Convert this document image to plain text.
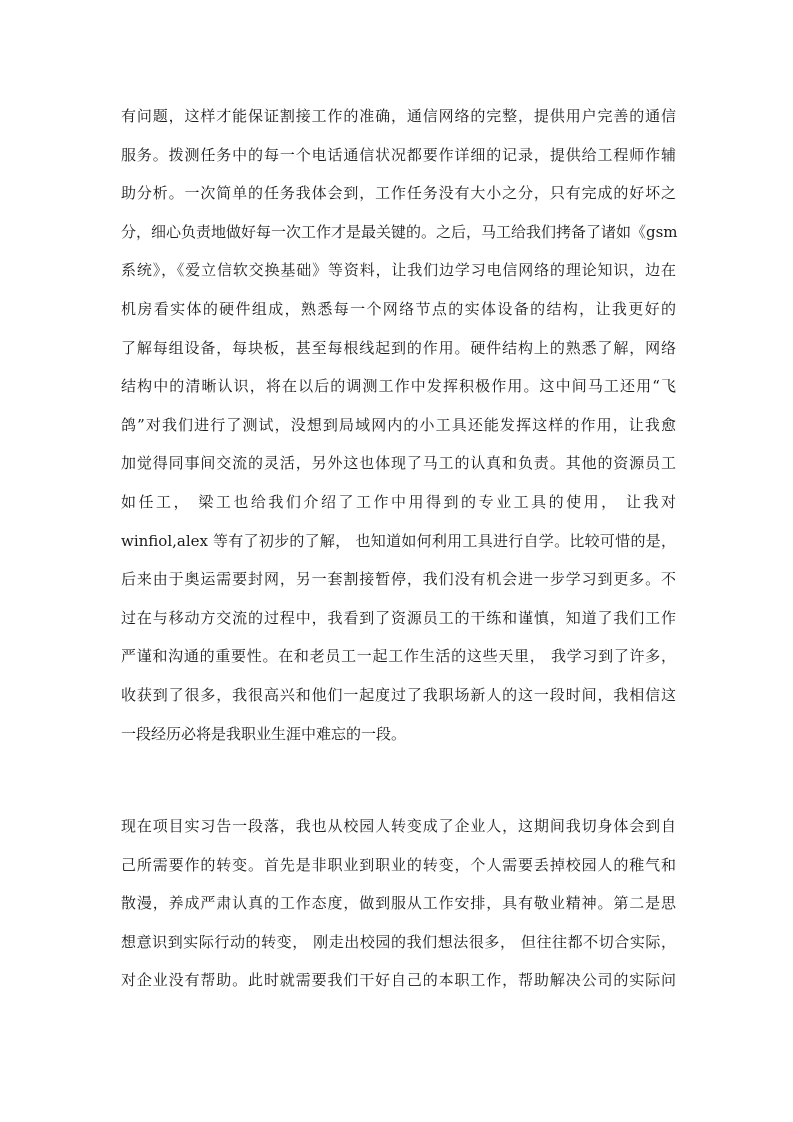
有问题，这样才能保证割接工作的准确，通信网络的完整，提供用户完善的通信
服务。拨测任务中的每一个电话通信状况都要作详细的记录，提供给工程师作辅
助分析。一次简单的任务我体会到，工作任务没有大小之分，只有完成的好坏之
分，细心负责地做好每一次工作才是最关键的。之后，马工给我们拷备了诸如《gsm
系统》，《爱立信软交换基础》等资料，让我们边学习电信网络的理论知识，边在
机房看实体的硬件组成，熟悉每一个网络节点的实体设备的结构，让我更好的
了解每组设备，每块板，甚至每根线起到的作用。硬件结构上的熟悉了解，网络
结构中的清晰认识，将在以后的调测工作中发挥积极作用。这中间马工还用“飞
鸽”对我们进行了测试，没想到局域网内的小工具还能发挥这样的作用，让我愈
加觉得同事间交流的灵活，另外这也体现了马工的认真和负责。其他的资源员工
如任工， 梁工也给我们介绍了工作中用得到的专业工具的使用， 让我对
winfiol,alex 等有了初步的了解， 也知道如何利用工具进行自学。比较可惜的是，
后来由于奥运需要封网，另一套割接暂停，我们没有机会进一步学习到更多。不
过在与移动方交流的过程中，我看到了资源员工的干练和谨慎，知道了我们工作
严谨和沟通的重要性。在和老员工一起工作生活的这些天里， 我学习到了许多，
收获到了很多，我很高兴和他们一起度过了我职场新人的这一段时间，我相信这
一段经历必将是我职业生涯中难忘的一段。
现在项目实习告一段落，我也从校园人转变成了企业人，这期间我切身体会到自
己所需要作的转变。首先是非职业到职业的转变，个人需要丢掉校园人的稚气和
散漫，养成严肃认真的工作态度，做到服从工作安排，具有敬业精神。第二是思
想意识到实际行动的转变， 刚走出校园的我们想法很多， 但往往都不切合实际，
对企业没有帮助。此时就需要我们干好自己的本职工作，帮助解决公司的实际问
